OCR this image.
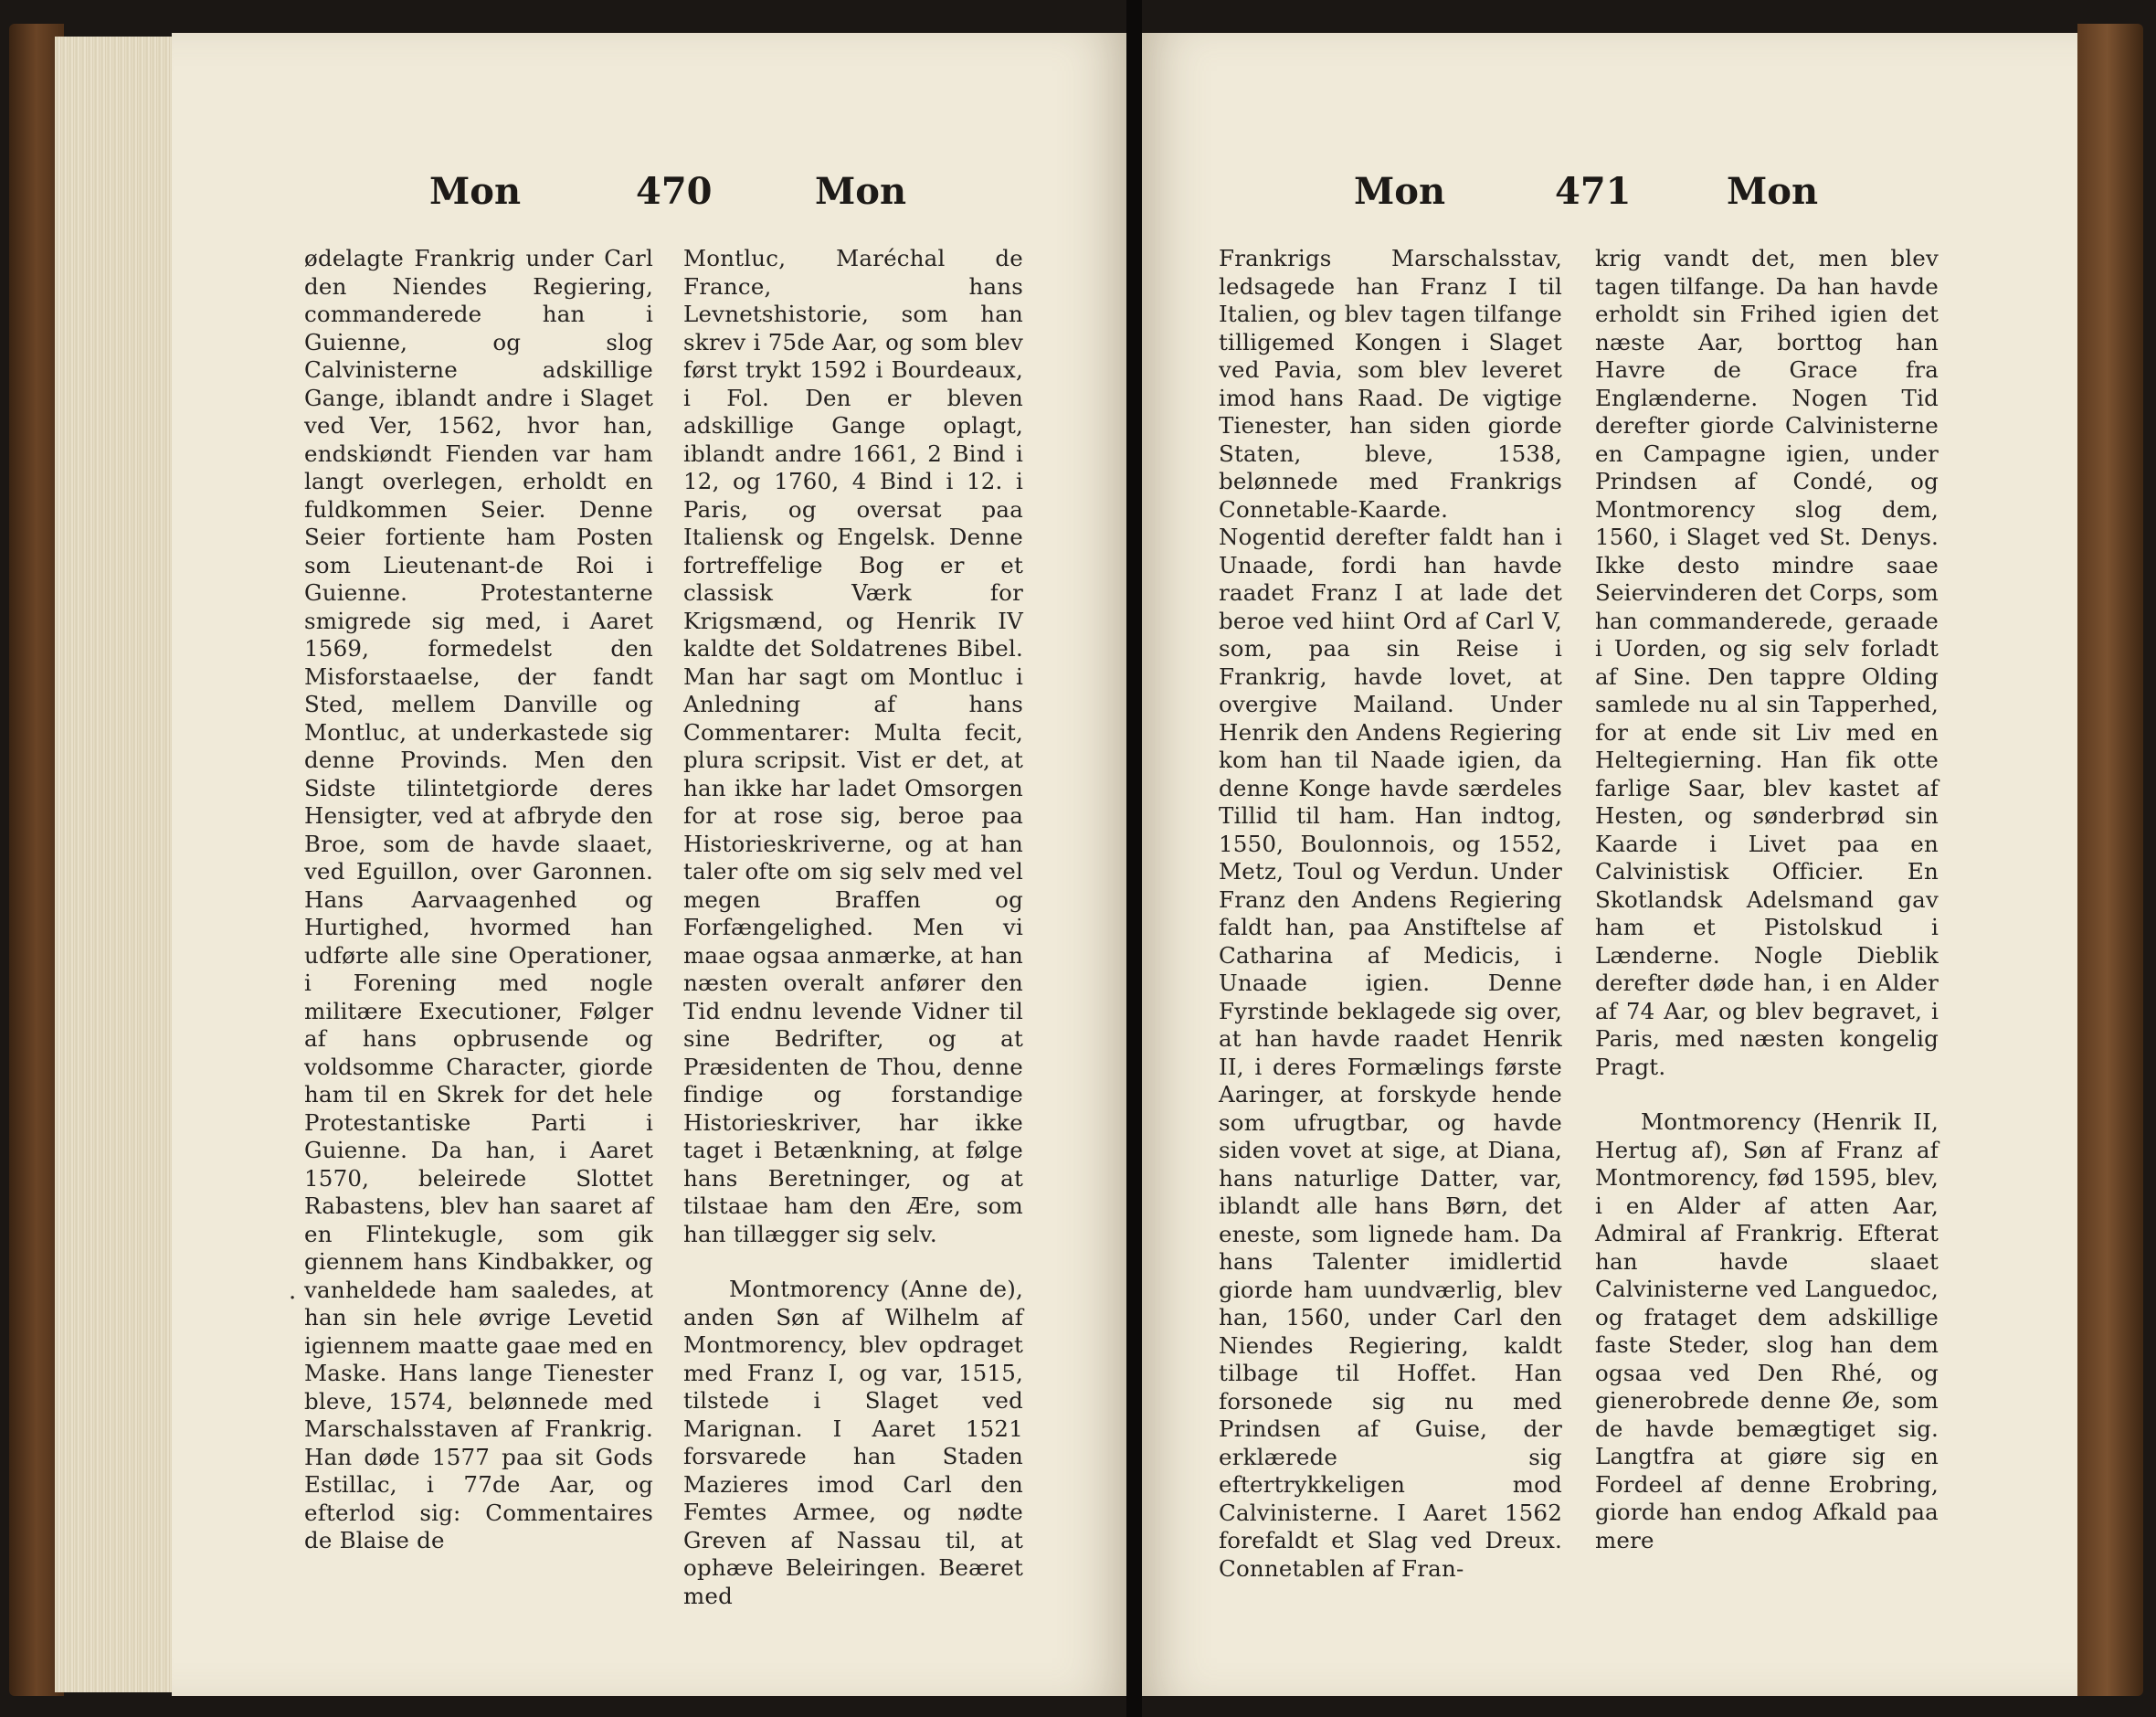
Mon	470	Mon

ødelagte Frankrig under Carl den Niendes Regiering, commanderede han i Guienne, og slog Calvinisterne adskillige Gange, iblandt andre i Slaget ved Ver, 1562, hvor han, endskiøndt Fienden var ham langt overlegen, erholdt en fuldkommen Seier. Denne Seier fortiente ham Posten som Lieutenant-de Roi i Guienne. Protestanterne smigrede sig med, i Aaret 1569, formedelst den Misforstaaelse, der fandt Sted, mellem Danville og Montluc, at underkastede sig denne Provinds. Men den Sidste tilintetgiorde deres Hensigter, ved at afbryde den Broe, som de havde slaaet, ved Eguillon, over Garonnen. Hans Aarvaagenhed og Hurtighed, hvormed han udførte alle sine Operationer, i Forening med nogle militære Executioner, Følger af hans opbrusende og voldsomme Character, giorde ham til en Skrek for det hele Protestantiske Parti i Guienne. Da han, i Aaret 1570, beleirede Slottet Rabastens, blev han saaret af en Flintekugle, som gik giennem hans Kindbakker, og vanheldede ham saaledes, at han sin hele øvrige Levetid igiennem maatte gaae med en Maske. Hans lange Tienester bleve, 1574, belønnede med Marschalsstaven af Frankrig. Han døde 1577 paa sit Gods Estillac, i 77de Aar, og efterlod sig: Commentaires de Blaise de

Montluc, Maréchal de France, hans Levnetshistorie, som han skrev i 75de Aar, og som blev først trykt 1592 i Bourdeaux, i Fol. Den er bleven adskillige Gange oplagt, iblandt andre 1661, 2 Bind i 12, og 1760, 4 Bind i 12. i Paris, og oversat paa Italiensk og Engelsk. Denne fortreffelige Bog er et classisk Værk for Krigsmænd, og Henrik IV kaldte det Soldatrenes Bibel. Man har sagt om Montluc i Anledning af hans Commentarer: Multa fecit, plura scripsit. Vist er det, at han ikke har ladet Omsorgen for at rose sig, beroe paa Historieskriverne, og at han taler ofte om sig selv med vel megen Braffen og Forfængelighed. Men vi maae ogsaa anmærke, at han næsten overalt anfører den Tid endnu levende Vidner til sine Bedrifter, og at Præsidenten de Thou, denne findige og forstandige Historieskriver, har ikke taget i Betænkning, at følge hans Beretninger, og at tilstaae ham den Ære, som han tillægger sig selv.

Montmorency (Anne de), anden Søn af Wilhelm af Montmorency, blev opdraget med Franz I, og var, 1515, tilstede i Slaget ved Marignan. I Aaret 1521 forsvarede han Staden Mazieres imod Carl den Femtes Armee, og nødte Greven af Nassau til, at ophæve Beleiringen. Beæret med

·
Mon	471	Mon

Frankrigs Marschalsstav, ledsagede han Franz I til Italien, og blev tagen tilfange tilligemed Kongen i Slaget ved Pavia, som blev leveret imod hans Raad. De vigtige Tienester, han siden giorde Staten, bleve, 1538, belønnede med Frankrigs Connetable-Kaarde. Nogentid derefter faldt han i Unaade, fordi han havde raadet Franz I at lade det beroe ved hiint Ord af Carl V, som, paa sin Reise i Frankrig, havde lovet, at overgive Mailand. Under Henrik den Andens Regiering kom han til Naade igien, da denne Konge havde særdeles Tillid til ham. Han indtog, 1550, Boulonnois, og 1552, Metz, Toul og Verdun. Under Franz den Andens Regiering faldt han, paa Anstiftelse af Catharina af Medicis, i Unaade igien. Denne Fyrstinde beklagede sig over, at han havde raadet Henrik II, i deres Formælings første Aaringer, at forskyde hende som ufrugtbar, og havde siden vovet at sige, at Diana, hans naturlige Datter, var, iblandt alle hans Børn, det eneste, som lignede ham. Da hans Talenter imidlertid giorde ham uundværlig, blev han, 1560, under Carl den Niendes Regiering, kaldt tilbage til Hoffet. Han forsonede sig nu med Prindsen af Guise, der erklærede sig eftertrykkeligen mod Calvinisterne. I Aaret 1562 forefaldt et Slag ved Dreux. Connetablen af Fran-

krig vandt det, men blev tagen tilfange. Da han havde erholdt sin Frihed igien det næste Aar, borttog han Havre de Grace fra Englænderne. Nogen Tid derefter giorde Calvinisterne en Campagne igien, under Prindsen af Condé, og Montmorency slog dem, 1560, i Slaget ved St. Denys. Ikke desto mindre saae Seiervinderen det Corps, som han commanderede, geraade i Uorden, og sig selv forladt af Sine. Den tappre Olding samlede nu al sin Tapperhed, for at ende sit Liv med en Heltegierning. Han fik otte farlige Saar, blev kastet af Hesten, og sønderbrød sin Kaarde i Livet paa en Calvinistisk Officier. En Skotlandsk Adelsmand gav ham et Pistolskud i Lænderne. Nogle Dieblik derefter døde han, i en Alder af 74 Aar, og blev begravet, i Paris, med næsten kongelig Pragt.

Montmorency (Henrik II, Hertug af), Søn af Franz af Montmorency, fød 1595, blev, i en Alder af atten Aar, Admiral af Frankrig. Efterat han havde slaaet Calvinisterne ved Languedoc, og frataget dem adskillige faste Steder, slog han dem ogsaa ved Den Rhé, og gienerobrede denne Øe, som de havde bemægtiget sig. Langtfra at giøre sig en Fordeel af denne Erobring, giorde han endog Afkald paa mere
